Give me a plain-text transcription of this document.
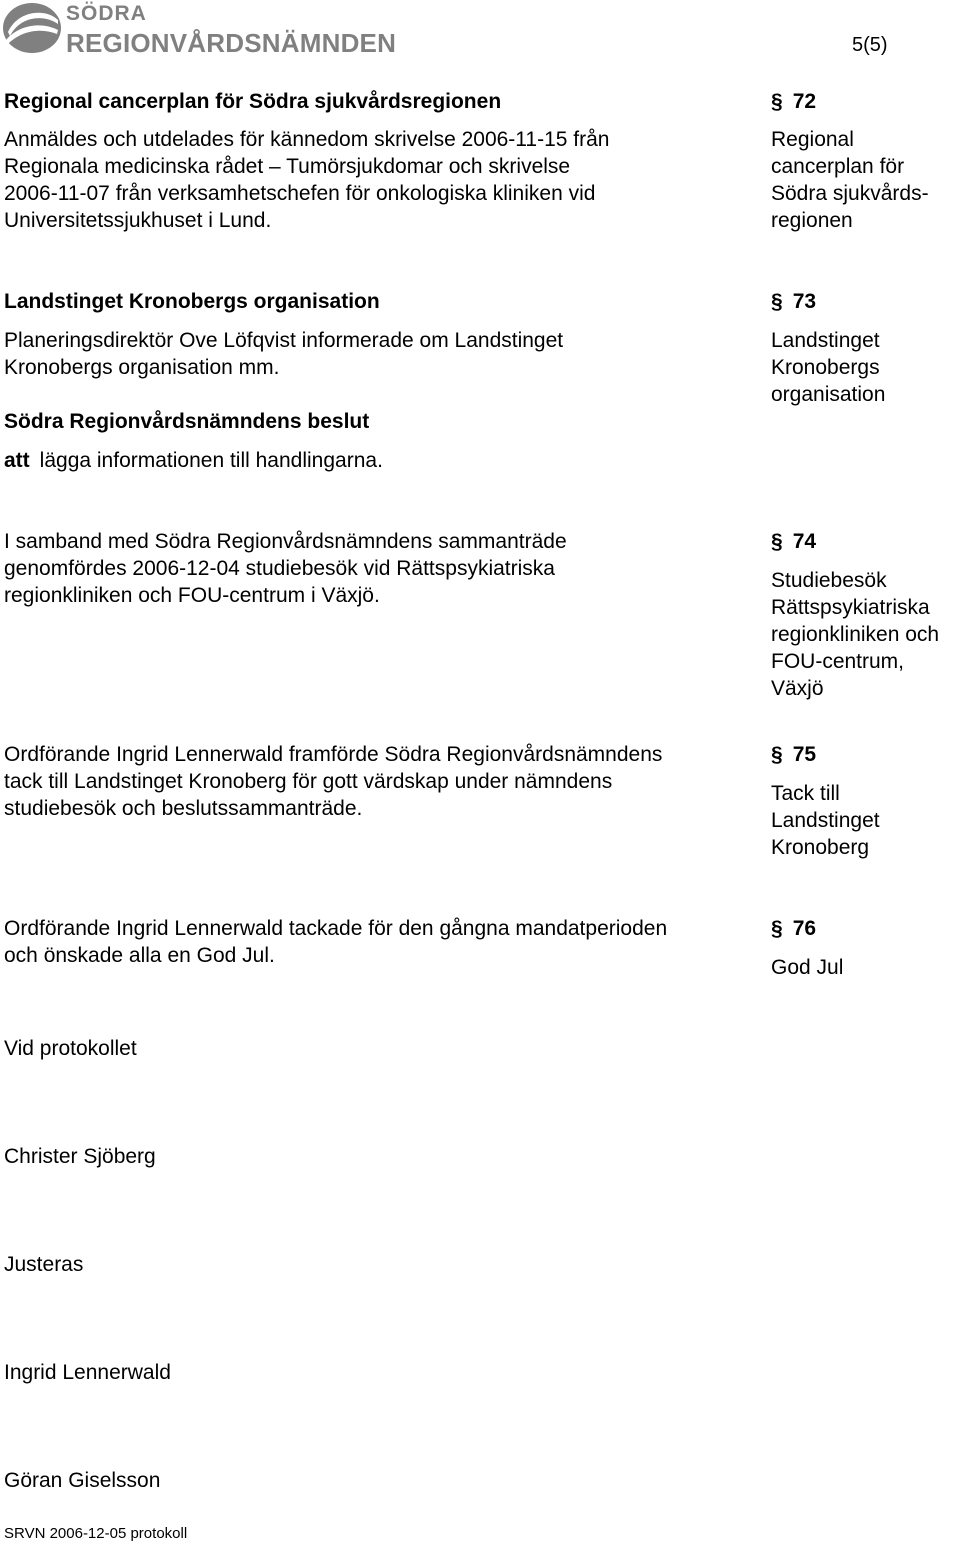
SÖDRA
REGIONVÅRDSNÄMNDEN	5(5)
Regional cancerplan för Södra sjukvårdsregionen
Anmäldes och utdelades för kännedom skrivelse 2006-11-15 från
Regionala medicinska rådet – Tumörsjukdomar och skrivelse
2006-11-07 från verksamhetschefen för onkologiska kliniken vid
Universitetssjukhuset i Lund.
§ 72
Regional
cancerplan för
Södra sjukvårds-
regionen
Landstinget Kronobergs organisation
Planeringsdirektör Ove Löfqvist informerade om Landstinget
Kronobergs organisation mm.
Södra Regionvårdsnämndens beslut
att lägga informationen till handlingarna.
§ 73
Landstinget
Kronobergs
organisation
I samband med Södra Regionvårdsnämndens sammanträde
genomfördes 2006-12-04 studiebesök vid Rättspsykiatriska
regionkliniken och FOU-centrum i Växjö.
§ 74
Studiebesök
Rättspsykiatriska
regionkliniken och
FOU-centrum,
Växjö
Ordförande Ingrid Lennerwald framförde Södra Regionvårdsnämndens
tack till Landstinget Kronoberg för gott värdskap under nämndens
studiebesök och beslutssammanträde.
§ 75
Tack till
Landstinget
Kronoberg
Ordförande Ingrid Lennerwald tackade för den gångna mandatperioden
och önskade alla en God Jul.
§ 76
God Jul
Vid protokollet
Christer Sjöberg
Justeras
Ingrid Lennerwald
Göran Giselsson
SRVN 2006-12-05 protokoll
